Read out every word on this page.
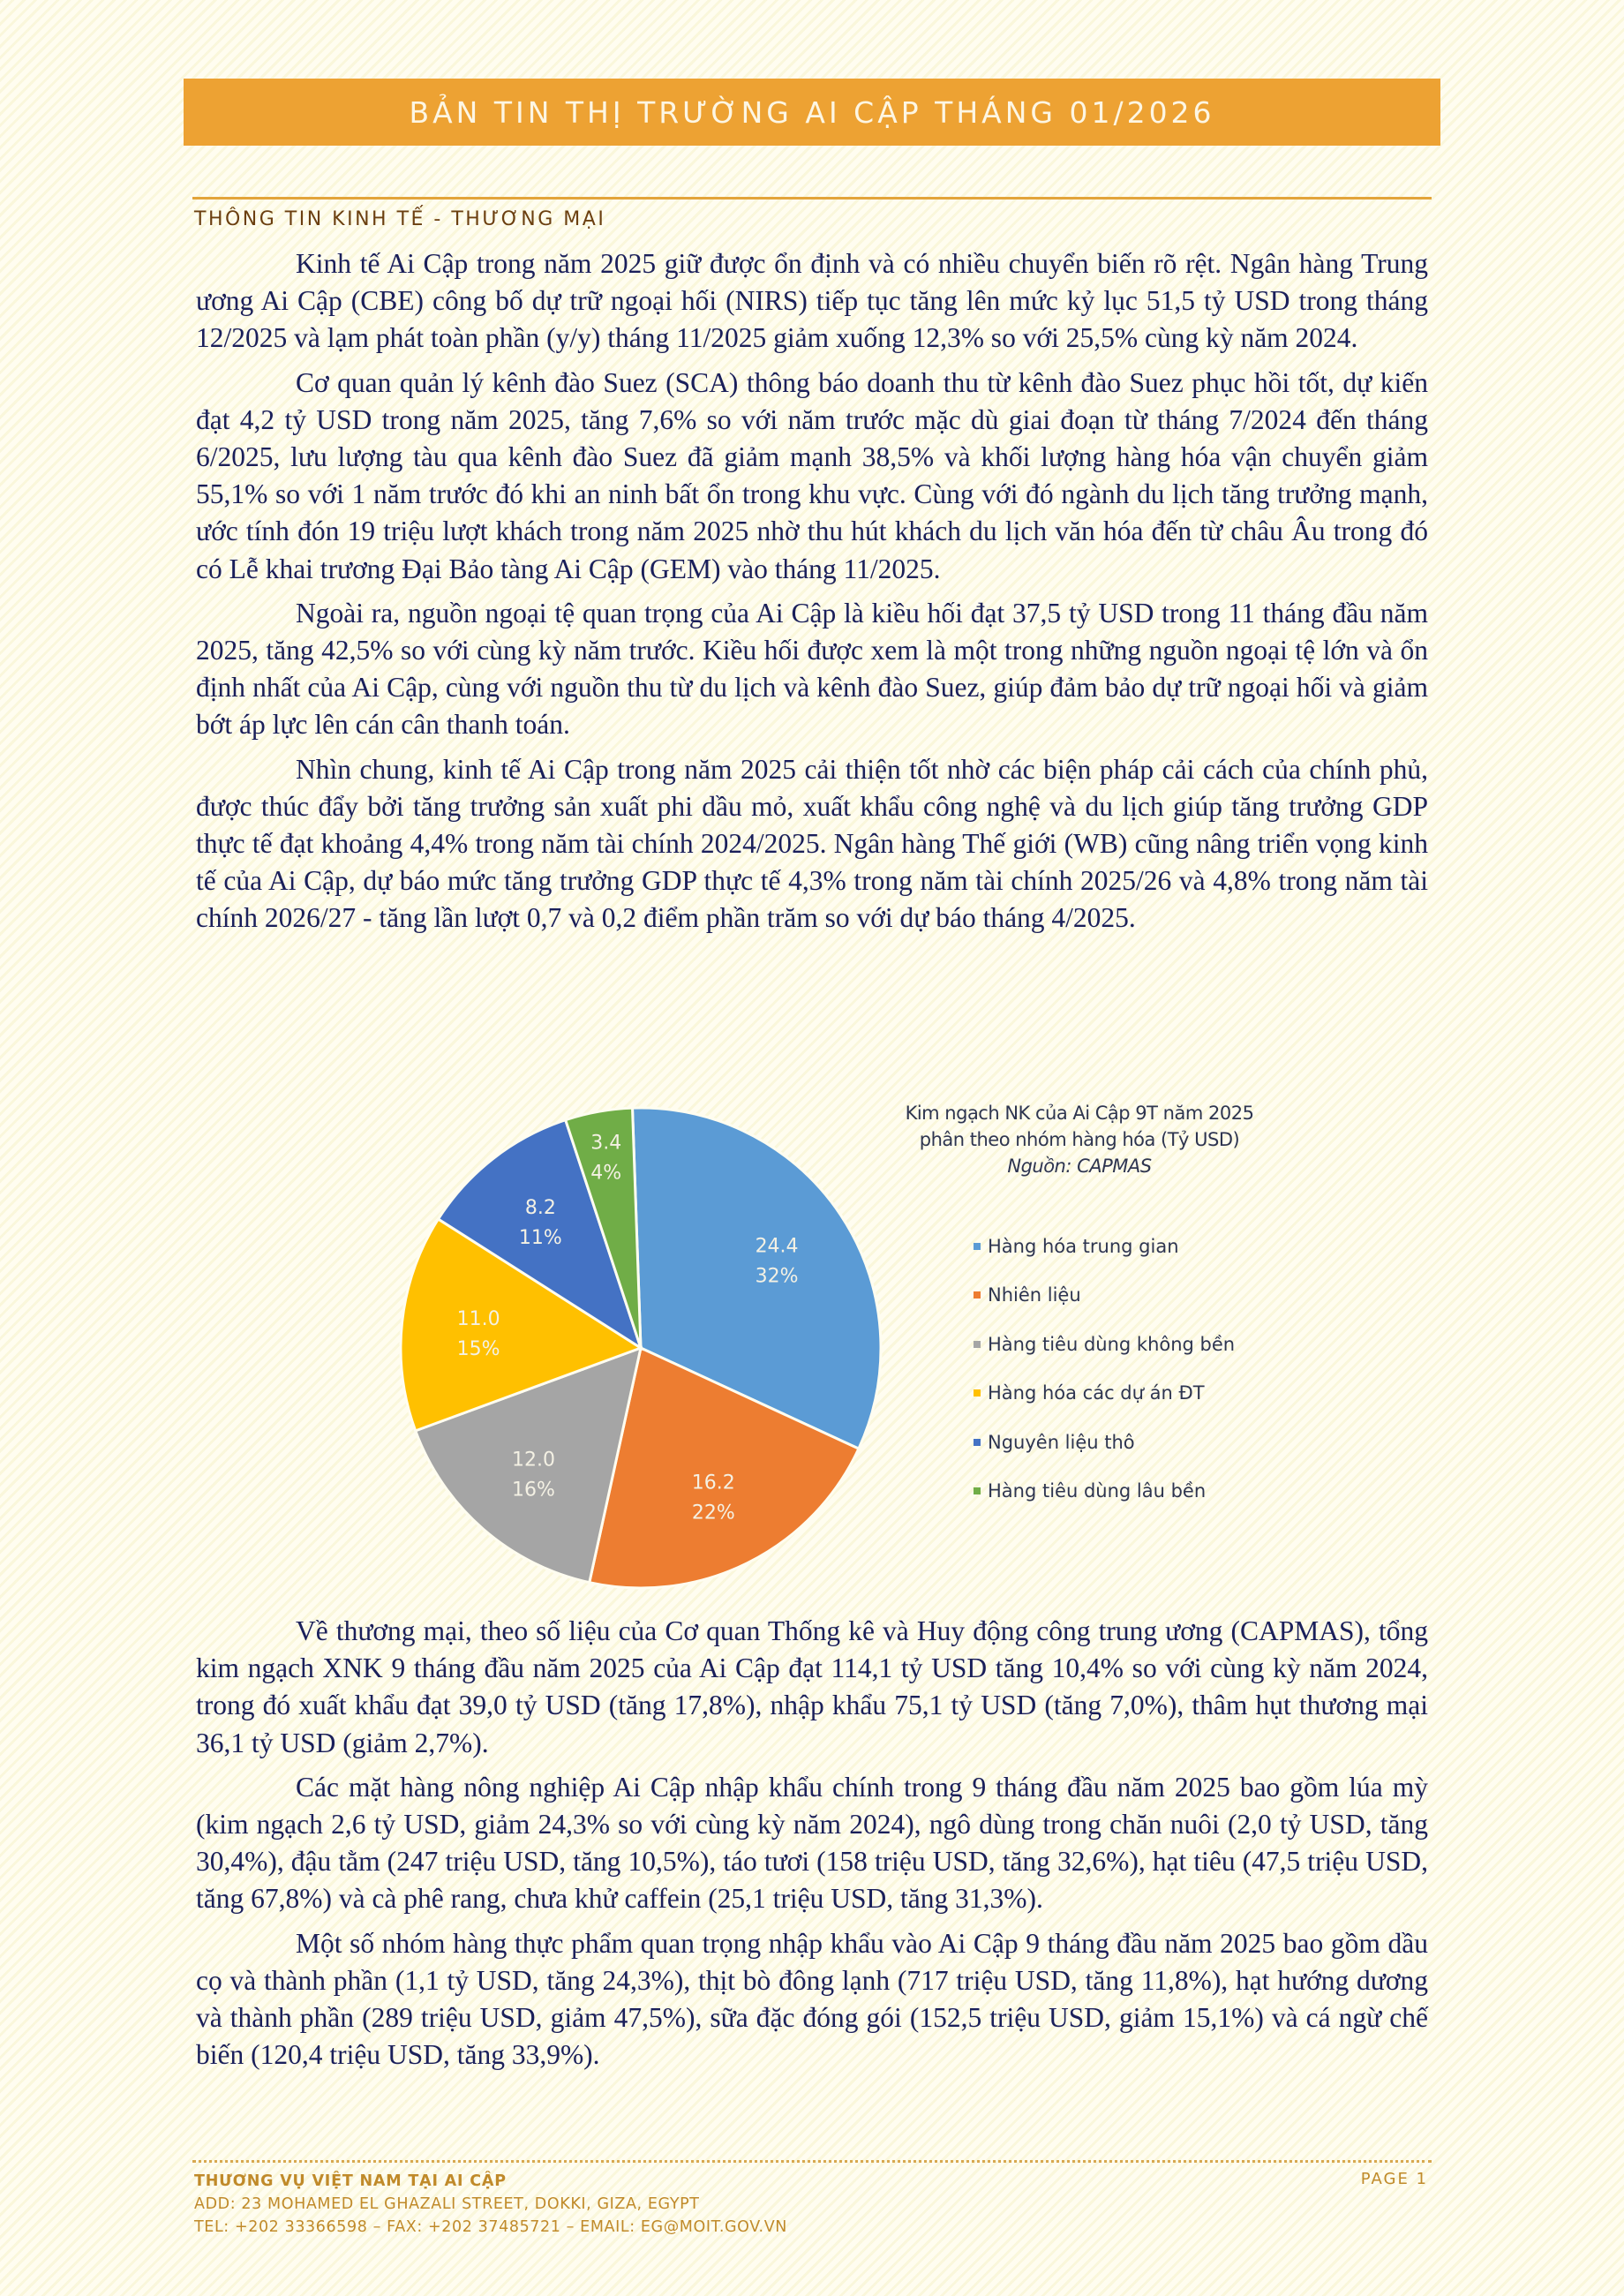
BẢN TIN THỊ TRƯỜNG AI CẬP THÁNG 01/2026
THÔNG TIN KINH TẾ - THƯƠNG MẠI

Kinh tế Ai Cập trong năm 2025 giữ được ổn định và có nhiều chuyển biến rõ rệt. Ngân hàng Trung ương Ai Cập (CBE) công bố dự trữ ngoại hối (NIRS) tiếp tục tăng lên mức kỷ lục 51,5 tỷ USD trong tháng 12/2025 và lạm phát toàn phần (y/y) tháng 11/2025 giảm xuống 12,3% so với 25,5% cùng kỳ năm 2024.

Cơ quan quản lý kênh đào Suez (SCA) thông báo doanh thu từ kênh đào Suez phục hồi tốt, dự kiến đạt 4,2 tỷ USD trong năm 2025, tăng 7,6% so với năm trước mặc dù giai đoạn từ tháng 7/2024 đến tháng 6/2025, lưu lượng tàu qua kênh đào Suez đã giảm mạnh 38,5% và khối lượng hàng hóa vận chuyển giảm 55,1% so với 1 năm trước đó khi an ninh bất ổn trong khu vực. Cùng với đó ngành du lịch tăng trưởng mạnh, ước tính đón 19 triệu lượt khách trong năm 2025 nhờ thu hút khách du lịch văn hóa đến từ châu Âu trong đó có Lễ khai trương Đại Bảo tàng Ai Cập (GEM) vào tháng 11/2025.

Ngoài ra, nguồn ngoại tệ quan trọng của Ai Cập là kiều hối đạt 37,5 tỷ USD trong 11 tháng đầu năm 2025, tăng 42,5% so với cùng kỳ năm trước. Kiều hối được xem là một trong những nguồn ngoại tệ lớn và ổn định nhất của Ai Cập, cùng với nguồn thu từ du lịch và kênh đào Suez, giúp đảm bảo dự trữ ngoại hối và giảm bớt áp lực lên cán cân thanh toán.

Nhìn chung, kinh tế Ai Cập trong năm 2025 cải thiện tốt nhờ các biện pháp cải cách của chính phủ, được thúc đẩy bởi tăng trưởng sản xuất phi dầu mỏ, xuất khẩu công nghệ và du lịch giúp tăng trưởng GDP thực tế đạt khoảng 4,4% trong năm tài chính 2024/2025. Ngân hàng Thế giới (WB) cũng nâng triển vọng kinh tế của Ai Cập, dự báo mức tăng trưởng GDP thực tế 4,3% trong năm tài chính 2025/26 và 4,8% trong năm tài chính 2026/27 - tăng lần lượt 0,7 và 0,2 điểm phần trăm so với dự báo tháng 4/2025.

24.4
32%
16.2
22%
12.0
16%
11.0
15%
8.2
11%
3.4
4%
Kim ngạch NK của Ai Cập 9T năm 2025
phân theo nhóm hàng hóa (Tỷ USD)
Nguồn: CAPMAS
Hàng hóa trung gian
Nhiên liệu
Hàng tiêu dùng không bền
Hàng hóa các dự án ĐT
Nguyên liệu thô
Hàng tiêu dùng lâu bền

Về thương mại, theo số liệu của Cơ quan Thống kê và Huy động công trung ương (CAPMAS), tổng kim ngạch XNK 9 tháng đầu năm 2025 của Ai Cập đạt 114,1 tỷ USD tăng 10,4% so với cùng kỳ năm 2024, trong đó xuất khẩu đạt 39,0 tỷ USD (tăng 17,8%), nhập khẩu 75,1 tỷ USD (tăng 7,0%), thâm hụt thương mại 36,1 tỷ USD (giảm 2,7%).

Các mặt hàng nông nghiệp Ai Cập nhập khẩu chính trong 9 tháng đầu năm 2025 bao gồm lúa mỳ (kim ngạch 2,6 tỷ USD, giảm 24,3% so với cùng kỳ năm 2024), ngô dùng trong chăn nuôi (2,0 tỷ USD, tăng 30,4%), đậu tằm (247 triệu USD, tăng 10,5%), táo tươi (158 triệu USD, tăng 32,6%), hạt tiêu (47,5 triệu USD, tăng 67,8%) và cà phê rang, chưa khử caffein (25,1 triệu USD, tăng 31,3%).

Một số nhóm hàng thực phẩm quan trọng nhập khẩu vào Ai Cập 9 tháng đầu năm 2025 bao gồm dầu cọ và thành phần (1,1 tỷ USD, tăng 24,3%), thịt bò đông lạnh (717 triệu USD, tăng 11,8%), hạt hướng dương và thành phần (289 triệu USD, giảm 47,5%), sữa đặc đóng gói (152,5 triệu USD, giảm 15,1%) và cá ngừ chế biến (120,4 triệu USD, tăng 33,9%).

THƯƠNG VỤ VIỆT NAM TẠI AI CẬP
ADD: 23 MOHAMED EL GHAZALI STREET, DOKKI, GIZA, EGYPT
TEL: +202 33366598 – FAX: +202 37485721 – EMAIL: EG@MOIT.GOV.VN
PAGE 1
